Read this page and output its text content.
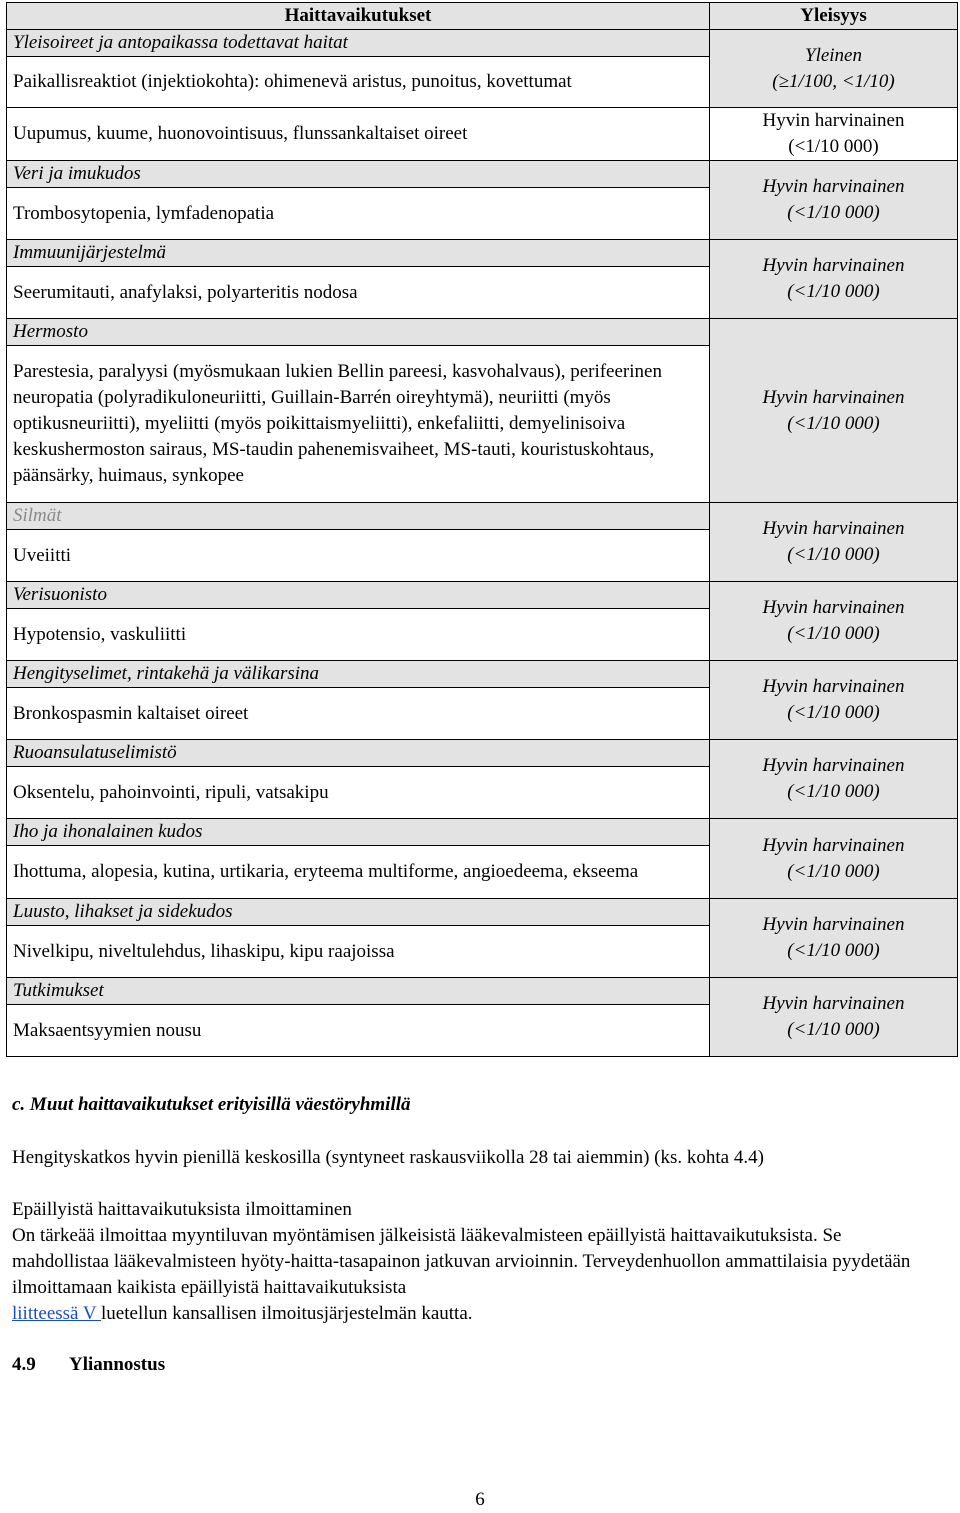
Haittavaikutukset	Yleisyys
Yleisoireet ja antopaikassa todettavat haitat	Yleinen
(≥1/100, <1/10)

Paikallisreaktiot (injektiokohta): ohimenevä aristus, punoitus, kovettumat	
Uupumus, kuume, huonovointisuus, flunssankaltaiset oireet	Hyvin harvinainen
(<1/10 000)

Veri ja imukudos	Hyvin harvinainen
(<1/10 000)

Trombosytopenia, lymfadenopatia	
Immuunijärjestelmä	Hyvin harvinainen
(<1/10 000)

Seerumitauti, anafylaksi, polyarteritis nodosa	
Hermosto	Hyvin harvinainen
(<1/10 000)

Parestesia, paralyysi (myösmukaan lukien Bellin pareesi, kasvohalvaus), perifeerinen neuropatia (polyradikuloneuriitti, Guillain-Barrén oireyhtymä), neuriitti (myös optikusneuriitti), myeliitti (myös poikittaismyeliitti), enkefaliitti, demyelinisoiva keskushermoston sairaus, MS-taudin pahenemisvaiheet, MS-tauti, kouristuskohtaus, päänsärky, huimaus, synkopee	
Silmät	Hyvin harvinainen
(<1/10 000)

Uveiitti	
Verisuonisto	Hyvin harvinainen
(<1/10 000)

Hypotensio, vaskuliitti	
Hengityselimet, rintakehä ja välikarsina	Hyvin harvinainen
(<1/10 000)

Bronkospasmin kaltaiset oireet	
Ruoansulatuselimistö	Hyvin harvinainen
(<1/10 000)

Oksentelu, pahoinvointi, ripuli, vatsakipu	
Iho ja ihonalainen kudos	Hyvin harvinainen
(<1/10 000)

Ihottuma, alopesia, kutina, urtikaria, eryteema multiforme, angioedeema, ekseema	
Luusto, lihakset ja sidekudos	Hyvin harvinainen
(<1/10 000)

Nivelkipu, niveltulehdus, lihaskipu, kipu raajoissa	
Tutkimukset	Hyvin harvinainen
(<1/10 000)

Maksaentsyymien nousu	
c. Muut haittavaikutukset erityisillä väestöryhmillä
Hengityskatkos hyvin pienillä keskosilla (syntyneet raskausviikolla 28 tai aiemmin) (ks. kohta 4.4)
Epäillyistä haittavaikutuksista ilmoittaminen
On tärkeää ilmoittaa myyntiluvan myöntämisen jälkeisistä lääkevalmisteen epäillyistä haittavaikutuksista. Se mahdollistaa lääkevalmisteen hyöty-haitta-tasapainon jatkuvan arvioinnin. Terveydenhuollon ammattilaisia pyydetään ilmoittamaan kaikista epäillyistä haittavaikutuksista
liitteessä V luetellun kansallisen ilmoitusjärjestelmän kautta.
4.9 Yliannostus
6
